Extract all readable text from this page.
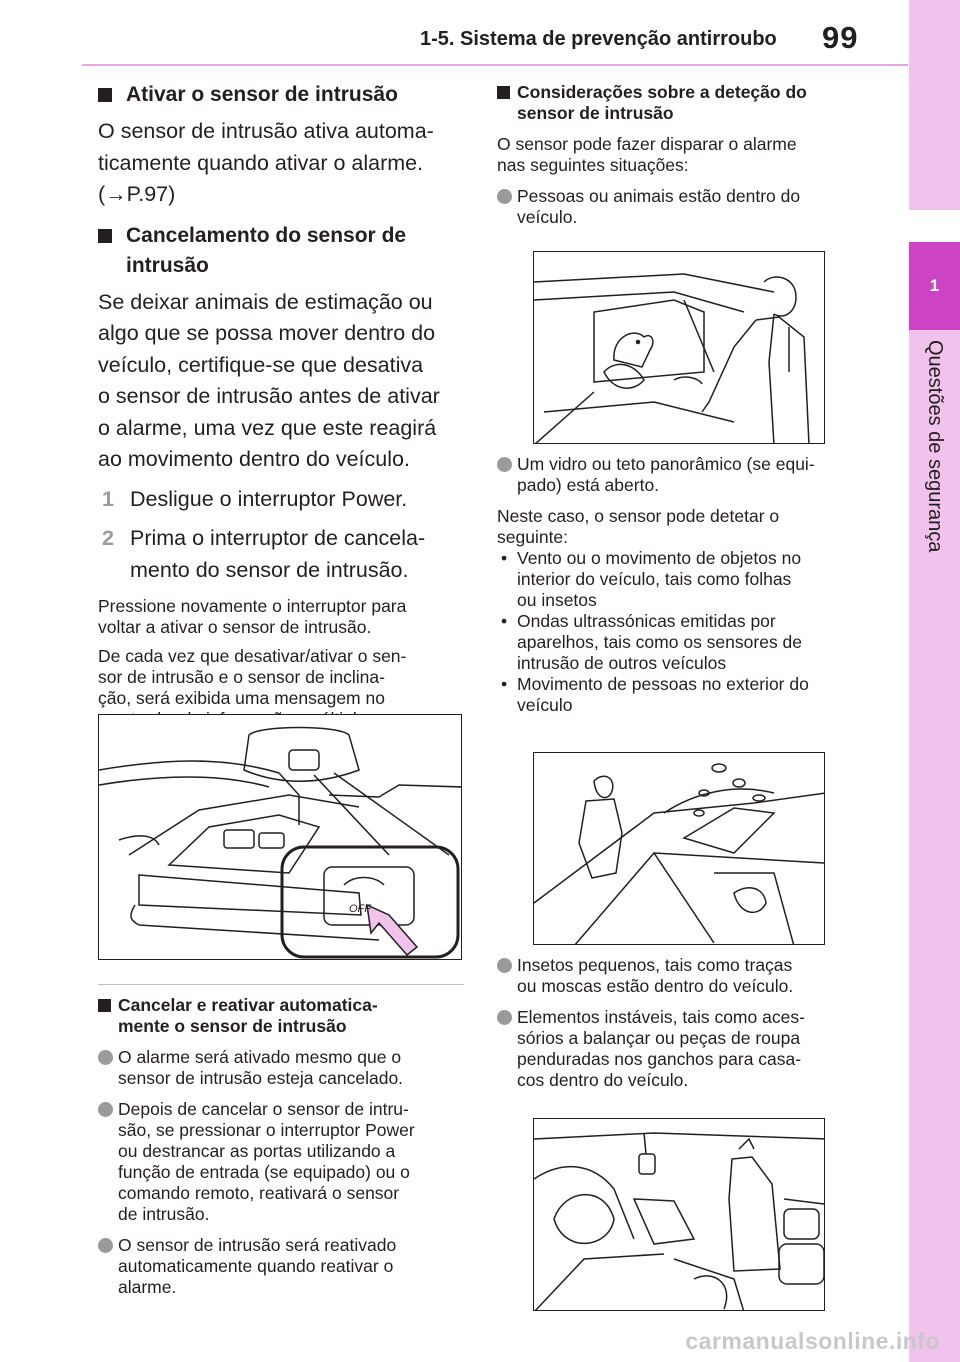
1-5. Sistema de prevenção antirroubo 99
1
Questões de segurança
Ativar o sensor de intrusão
O sensor de intrusão ativa automa-
ticamente quando ativar o alarme.
(→P.97)
Cancelamento do sensor de
intrusão
Se deixar animais de estimação ou
algo que se possa mover dentro do
veículo, certifique-se que desativa
o sensor de intrusão antes de ativar
o alarme, uma vez que este reagirá
ao movimento dentro do veículo.
1 Desligue o interruptor Power.
2 Prima o interruptor de cancela-
mento do sensor de intrusão.
Pressione novamente o interruptor para
voltar a ativar o sensor de intrusão.
De cada vez que desativar/ativar o sen-
sor de intrusão e o sensor de inclina-
ção, será exibida uma mensagem no
OFF
Cancelar e reativar automatica-
mente o sensor de intrusão
O alarme será ativado mesmo que o
sensor de intrusão esteja cancelado.
Depois de cancelar o sensor de intru-
são, se pressionar o interruptor Power
ou destrancar as portas utilizando a
função de entrada (se equipado) ou o
comando remoto, reativará o sensor
de intrusão.
O sensor de intrusão será reativado
automaticamente quando reativar o
alarme.
Considerações sobre a deteção do
sensor de intrusão
O sensor pode fazer disparar o alarme
nas seguintes situações:
Pessoas ou animais estão dentro do
veículo.
Um vidro ou teto panorâmico (se equi-
pado) está aberto.
Neste caso, o sensor pode detetar o
seguinte:
• Vento ou o movimento de objetos no
interior do veículo, tais como folhas
ou insetos
• Ondas ultrassónicas emitidas por
aparelhos, tais como os sensores de
intrusão de outros veículos
• Movimento de pessoas no exterior do
veículo
Insetos pequenos, tais como traças
ou moscas estão dentro do veículo.
Elementos instáveis, tais como aces-
sórios a balançar ou peças de roupa
penduradas nos ganchos para casa-
cos dentro do veículo.
carmanualsonline.info
